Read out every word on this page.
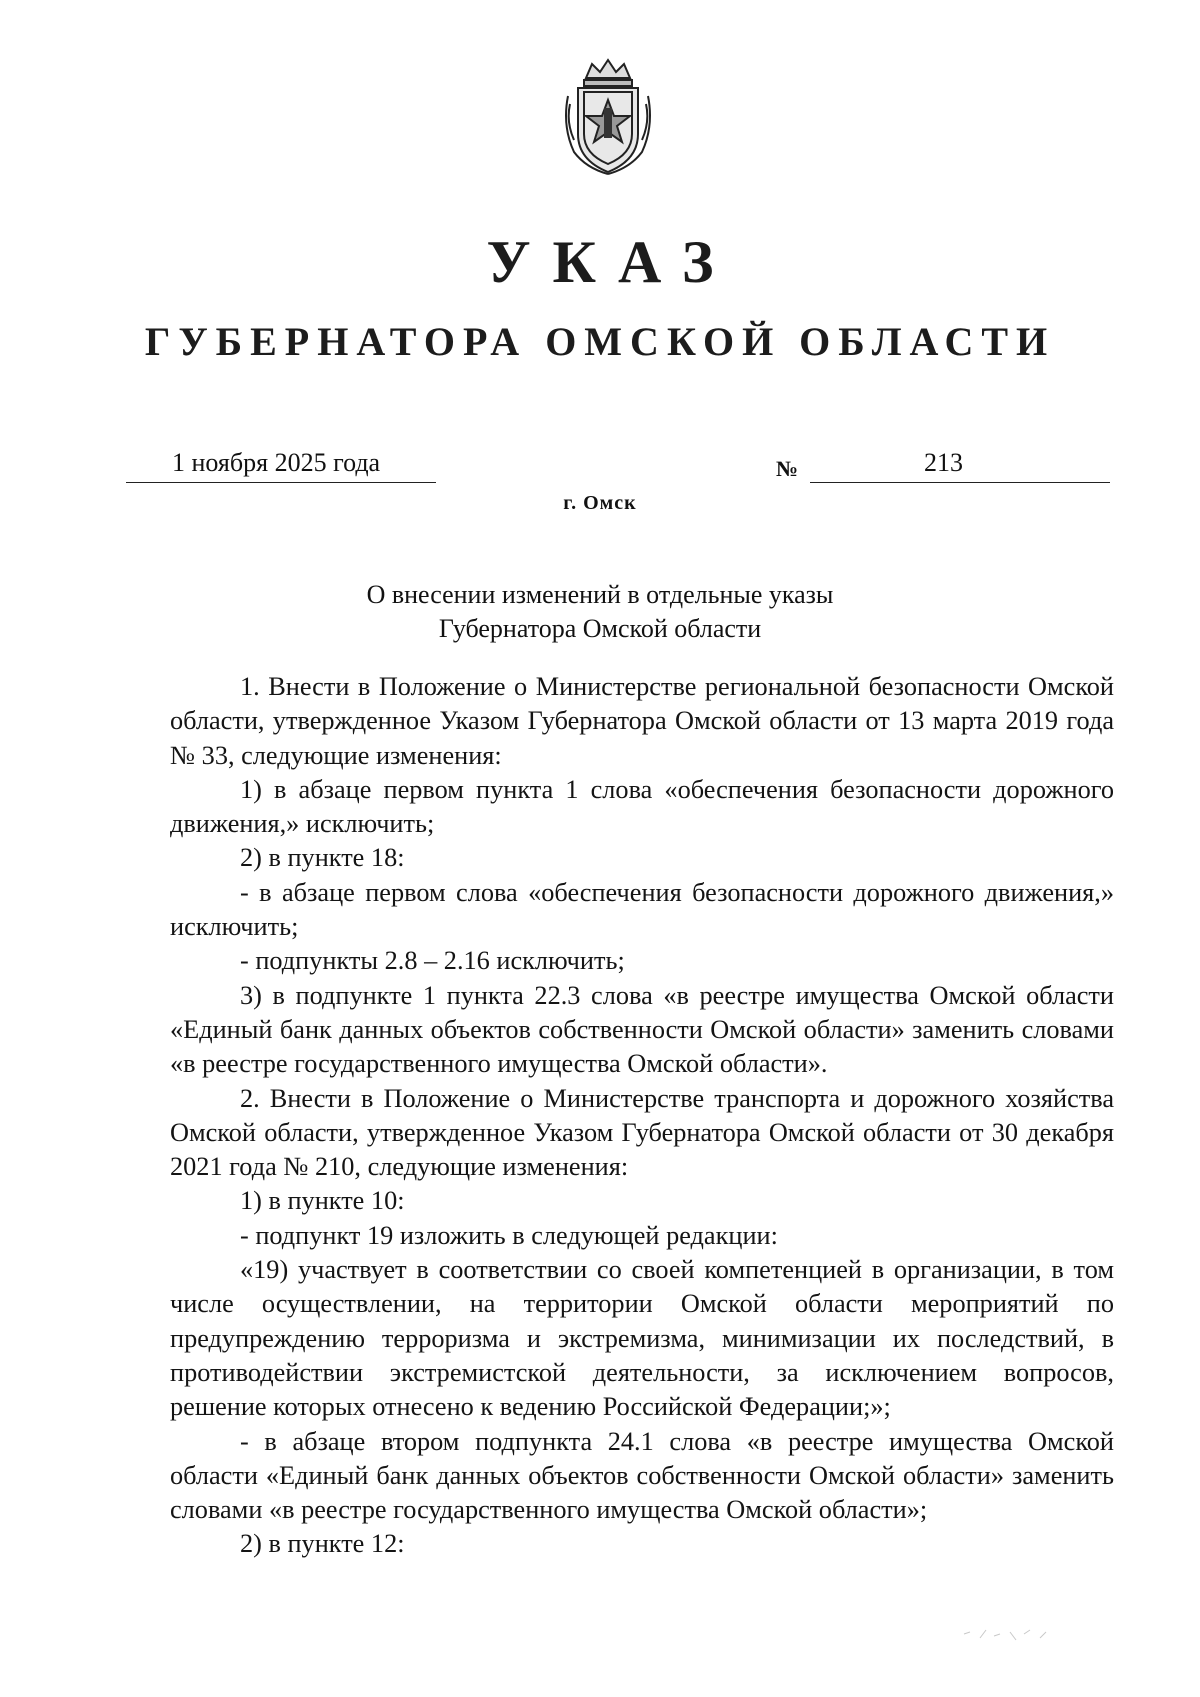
УКАЗ
ГУБЕРНАТОРА ОМСКОЙ ОБЛАСТИ
1 ноября 2025 года	№	213
г. Омск
О внесении изменений в отдельные указы
Губернатора Омской области

1. Внести в Положение о Министерстве региональной безопасности Омской области, утвержденное Указом Губернатора Омской области от 13 марта 2019 года № 33, следующие изменения:

1) в абзаце первом пункта 1 слова «обеспечения безопасности дорожного движения,» исключить;

2) в пункте 18:

- в абзаце первом слова «обеспечения безопасности дорожного движения,» исключить;

- подпункты 2.8 – 2.16 исключить;

3) в подпункте 1 пункта 22.3 слова «в реестре имущества Омской области «Единый банк данных объектов собственности Омской области» заменить словами «в реестре государственного имущества Омской области».

2. Внести в Положение о Министерстве транспорта и дорожного хозяйства Омской области, утвержденное Указом Губернатора Омской области от 30 декабря 2021 года № 210, следующие изменения:

1) в пункте 10:

- подпункт 19 изложить в следующей редакции:

«19) участвует в соответствии со своей компетенцией в организации, в том числе осуществлении, на территории Омской области мероприятий по предупреждению терроризма и экстремизма, минимизации их последствий, в противодействии экстремистской деятельности, за исключением вопросов, решение которых отнесено к ведению Российской Федерации;»;

- в абзаце втором подпункта 24.1 слова «в реестре имущества Омской области «Единый банк данных объектов собственности Омской области» заменить словами «в реестре государственного имущества Омской области»;

2) в пункте 12:
